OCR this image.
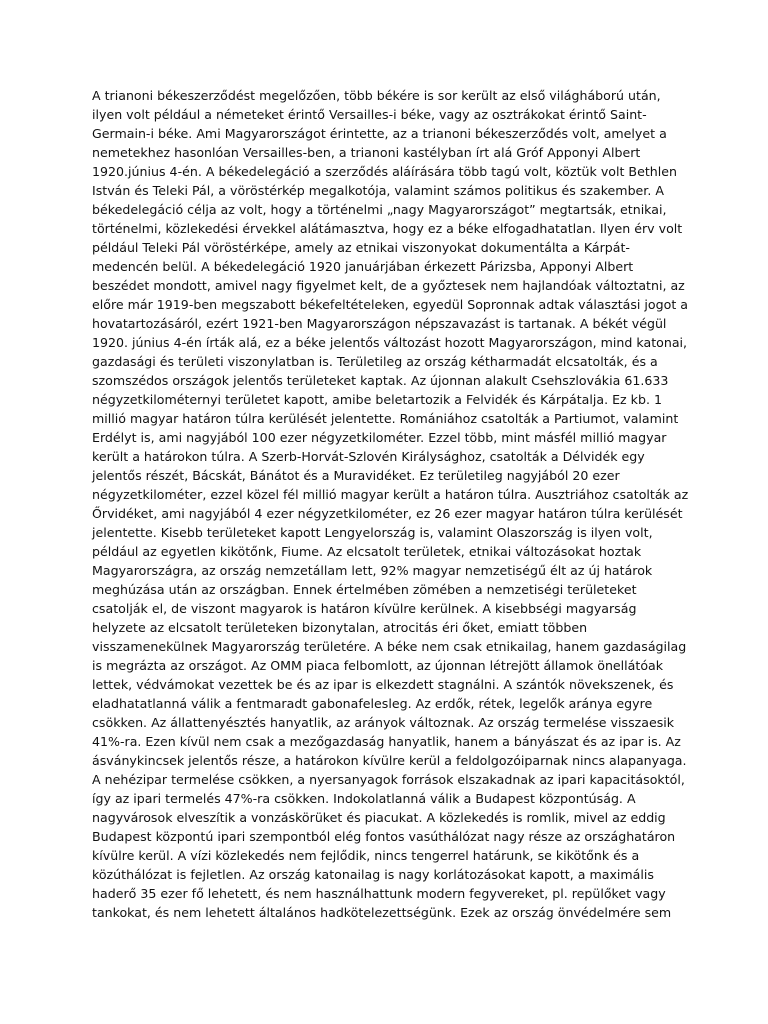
A trianoni békeszerződést megelőzően, több békére is sor került az első világháború után,
ilyen volt például a németeket érintő Versailles-i béke, vagy az osztrákokat érintő Saint-
Germain-i béke. Ami Magyarországot érintette, az a trianoni békeszerződés volt, amelyet a
nemetekhez hasonlóan Versailles-ben, a trianoni kastélyban írt alá Gróf Apponyi Albert
1920.június 4-én. A békedelegáció a szerződés aláírására több tagú volt, köztük volt Bethlen
István és Teleki Pál, a vöröstérkép megalkotója, valamint számos politikus és szakember. A
békedelegáció célja az volt, hogy a történelmi „nagy Magyarországot” megtartsák, etnikai,
történelmi, közlekedési érvekkel alátámasztva, hogy ez a béke elfogadhatatlan. Ilyen érv volt
például Teleki Pál vöröstérképe, amely az etnikai viszonyokat dokumentálta a Kárpát-
medencén belül. A békedelegáció 1920 januárjában érkezett Párizsba, Apponyi Albert
beszédet mondott, amivel nagy figyelmet kelt, de a győztesek nem hajlandóak változtatni, az
előre már 1919-ben megszabott békefeltételeken, egyedül Sopronnak adtak választási jogot a
hovatartozásáról, ezért 1921-ben Magyarországon népszavazást is tartanak. A békét végül
1920. június 4-én írták alá, ez a béke jelentős változást hozott Magyarországon, mind katonai,
gazdasági és területi viszonylatban is. Területileg az ország kétharmadát elcsatolták, és a
szomszédos országok jelentős területeket kaptak. Az újonnan alakult Csehszlovákia 61.633
négyzetkilométernyi területet kapott, amibe beletartozik a Felvidék és Kárpátalja. Ez kb. 1
millió magyar határon túlra kerülését jelentette. Romániához csatolták a Partiumot, valamint
Erdélyt is, ami nagyjából 100 ezer négyzetkilométer. Ezzel több, mint másfél millió magyar
került a határokon túlra. A Szerb-Horvát-Szlovén Királysághoz, csatolták a Délvidék egy
jelentős részét, Bácskát, Bánátot és a Muravidéket. Ez területileg nagyjából 20 ezer
négyzetkilométer, ezzel közel fél millió magyar került a határon túlra. Ausztriához csatolták az
Őrvidéket, ami nagyjából 4 ezer négyzetkilométer, ez 26 ezer magyar határon túlra kerülését
jelentette. Kisebb területeket kapott Lengyelország is, valamint Olaszország is ilyen volt,
például az egyetlen kikötőnk, Fiume. Az elcsatolt területek, etnikai változásokat hoztak
Magyarországra, az ország nemzetállam lett, 92% magyar nemzetiségű élt az új határok
meghúzása után az országban. Ennek értelmében zömében a nemzetiségi területeket
csatolják el, de viszont magyarok is határon kívülre kerülnek. A kisebbségi magyarság
helyzete az elcsatolt területeken bizonytalan, atrocitás éri őket, emiatt többen
visszamenekülnek Magyarország területére. A béke nem csak etnikailag, hanem gazdaságilag
is megrázta az országot. Az OMM piaca felbomlott, az újonnan létrejött államok önellátóak
lettek, védvámokat vezettek be és az ipar is elkezdett stagnálni. A szántók növekszenek, és
eladhatatlanná válik a fentmaradt gabonafelesleg. Az erdők, rétek, legelők aránya egyre
csökken. Az állattenyésztés hanyatlik, az arányok változnak. Az ország termelése visszaesik
41%-ra. Ezen kívül nem csak a mezőgazdaság hanyatlik, hanem a bányászat és az ipar is. Az
ásványkincsek jelentős része, a határokon kívülre kerül a feldolgozóiparnak nincs alapanyaga.
A nehézipar termelése csökken, a nyersanyagok források elszakadnak az ipari kapacitásoktól,
így az ipari termelés 47%-ra csökken. Indokolatlanná válik a Budapest központúság. A
nagyvárosok elveszítik a vonzáskörüket és piacukat. A közlekedés is romlik, mivel az eddig
Budapest központú ipari szempontból elég fontos vasúthálózat nagy része az országhatáron
kívülre kerül. A vízi közlekedés nem fejlődik, nincs tengerrel határunk, se kikötőnk és a
közúthálózat is fejletlen. Az ország katonailag is nagy korlátozásokat kapott, a maximális
haderő 35 ezer fő lehetett, és nem használhattunk modern fegyvereket, pl. repülőket vagy
tankokat, és nem lehetett általános hadkötelezettségünk. Ezek az ország önvédelmére sem
